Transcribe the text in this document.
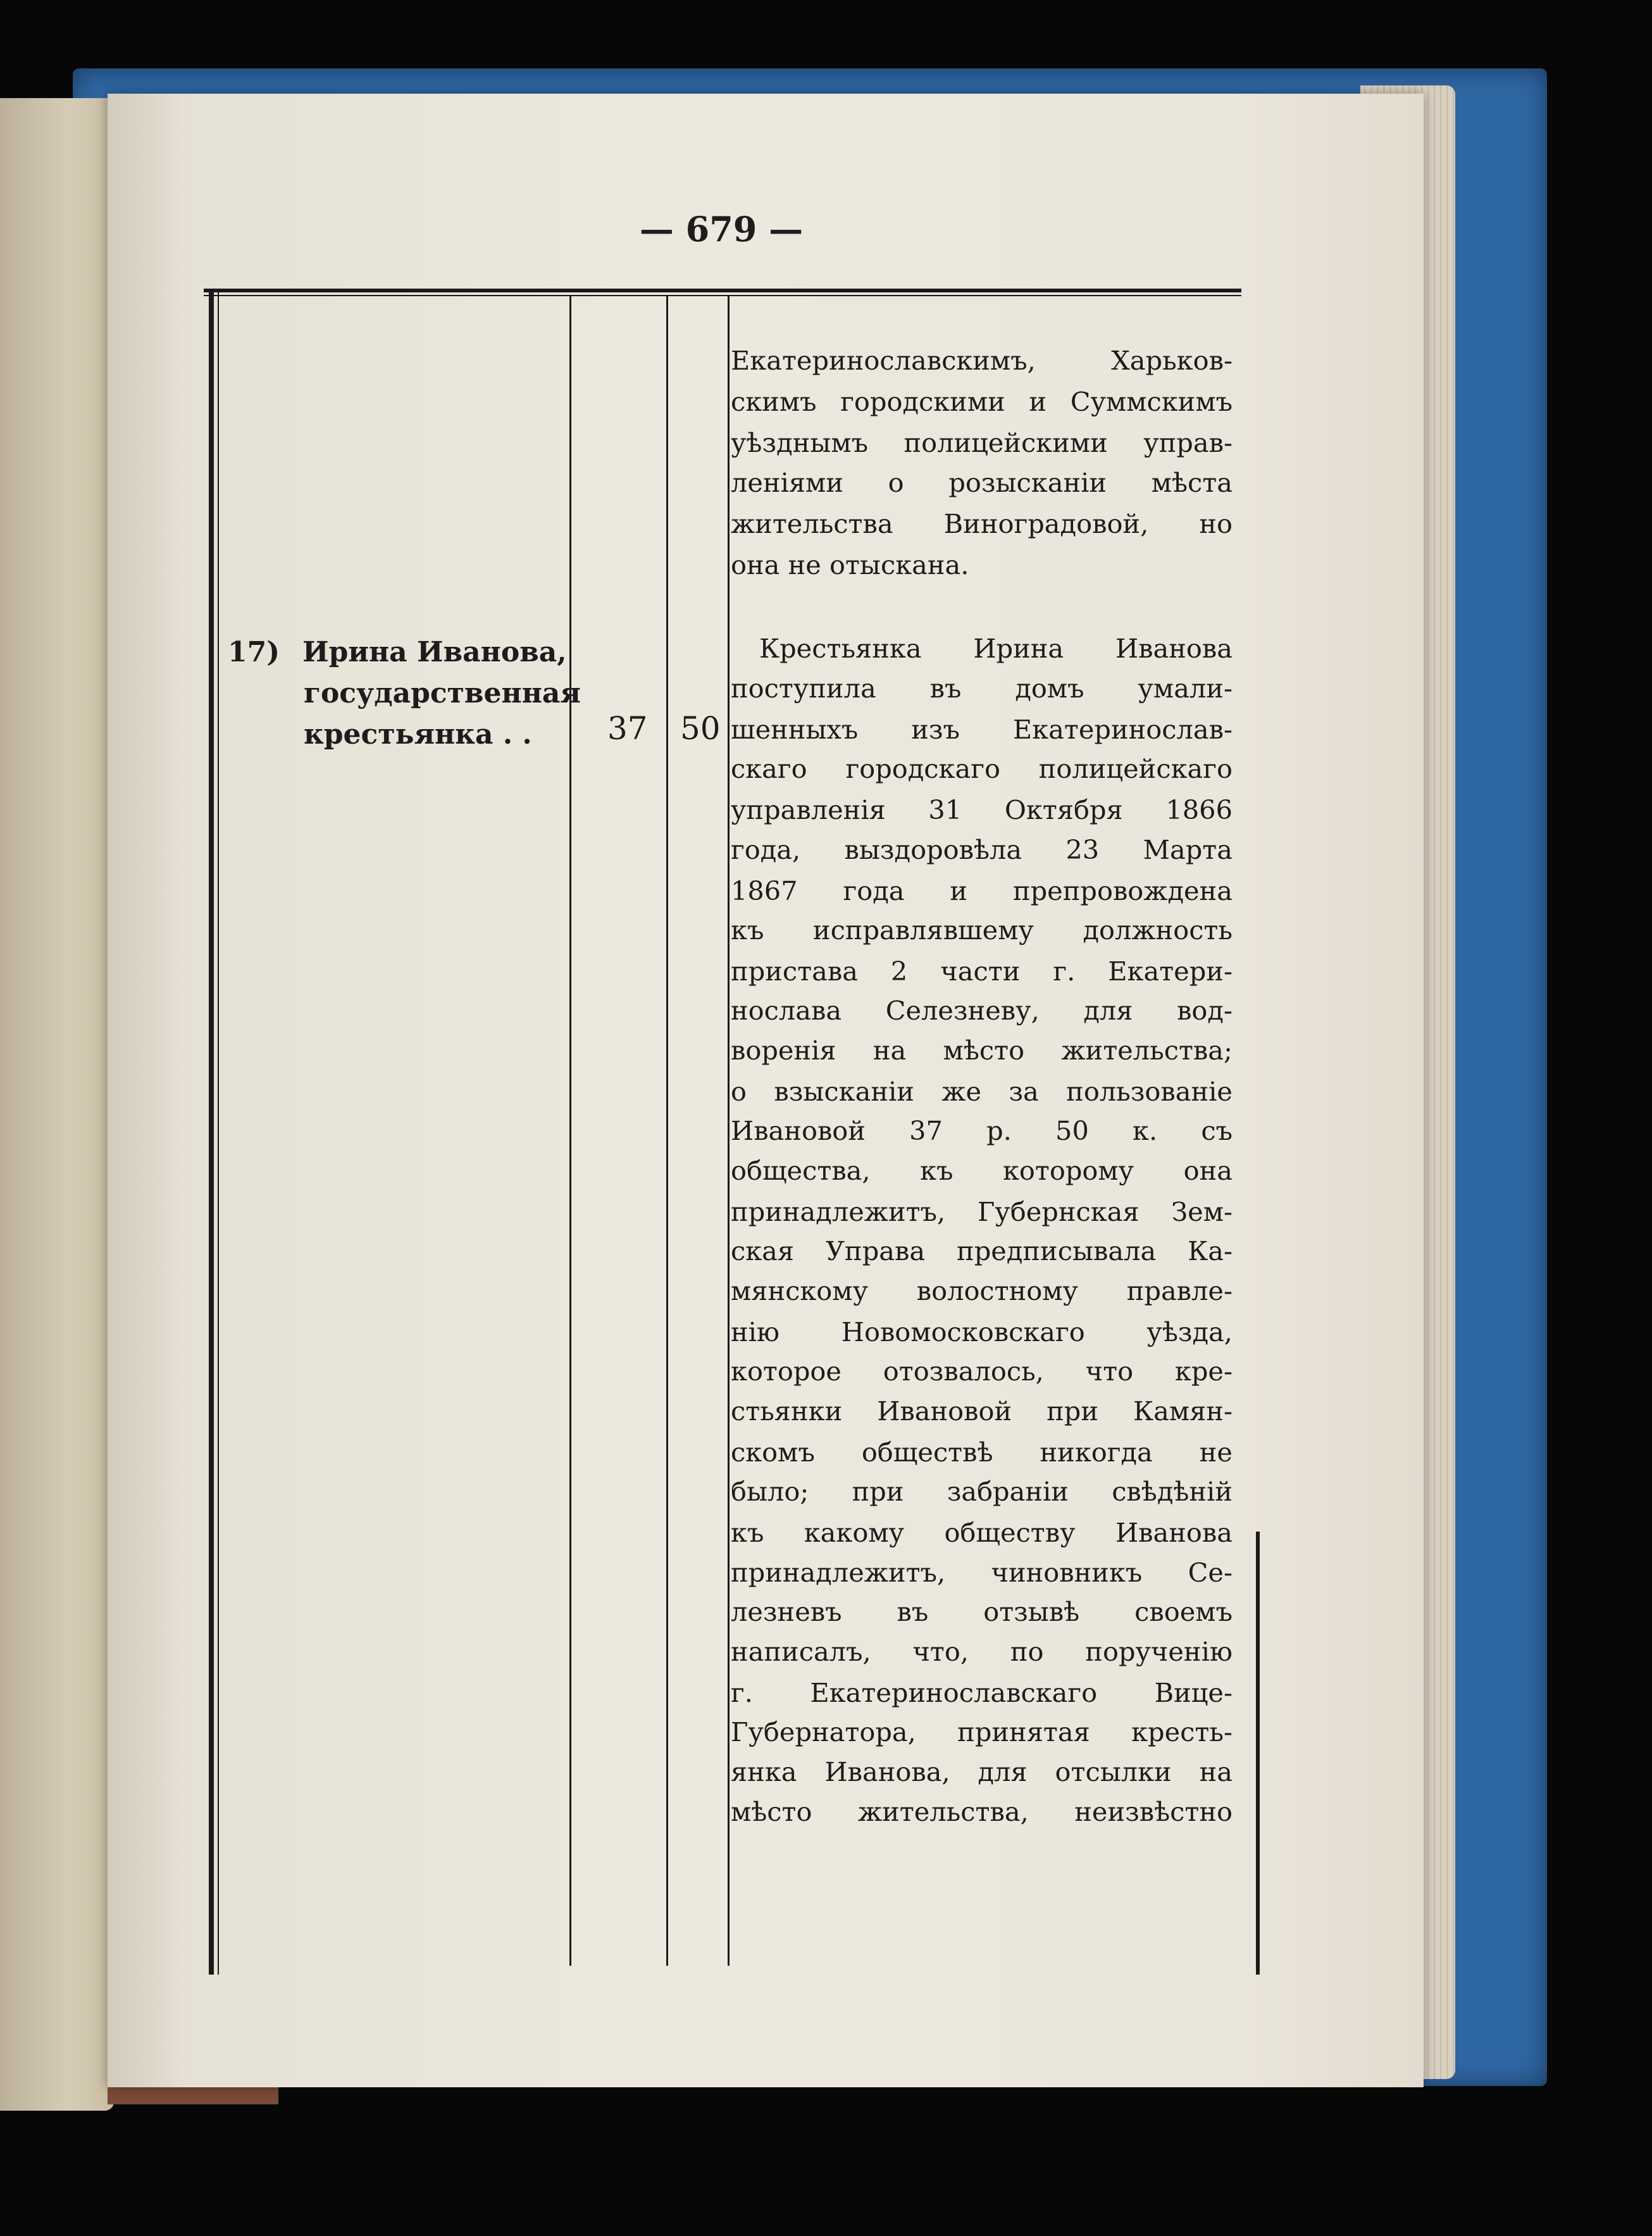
— 679 —
17) Ирина Иванова,
государственная
крестьянка . . 37 50
Екатеринославскимъ, Харьков-
скимъ городскими и Суммскимъ
уѣзднымъ полицейскими управ-
леніями о розысканіи мѣста
жительства Виноградовой, но
она не отыскана.
Крестьянка Ирина Иванова
поступила въ домъ умали-
шенныхъ изъ Екатеринослав-
скаго городскаго полицейскаго
управленія 31 Октября 1866
года, выздоровѣла 23 Марта
1867 года и препровождена
къ исправлявшему должность
пристава 2 части г. Екатери-
нослава Селезневу, для вод-
воренія на мѣсто жительства;
о взысканіи же за пользованіе
Ивановой 37 р. 50 к. съ
общества, къ которому она
принадлежитъ, Губернская Зем-
ская Управа предписывала Ка-
мянскому волостному правле-
нію Новомосковскаго уѣзда,
которое отозвалось, что кре-
стьянки Ивановой при Камян-
скомъ обществѣ никогда не
было; при забраніи свѣдѣній
къ какому обществу Иванова
принадлежитъ, чиновникъ Се-
лезневъ въ отзывѣ своемъ
написалъ, что, по порученію
г. Екатеринославскаго Вице-
Губернатора, принятая кресть-
янка Иванова, для отсылки на
мѣсто жительства, неизвѣстно
